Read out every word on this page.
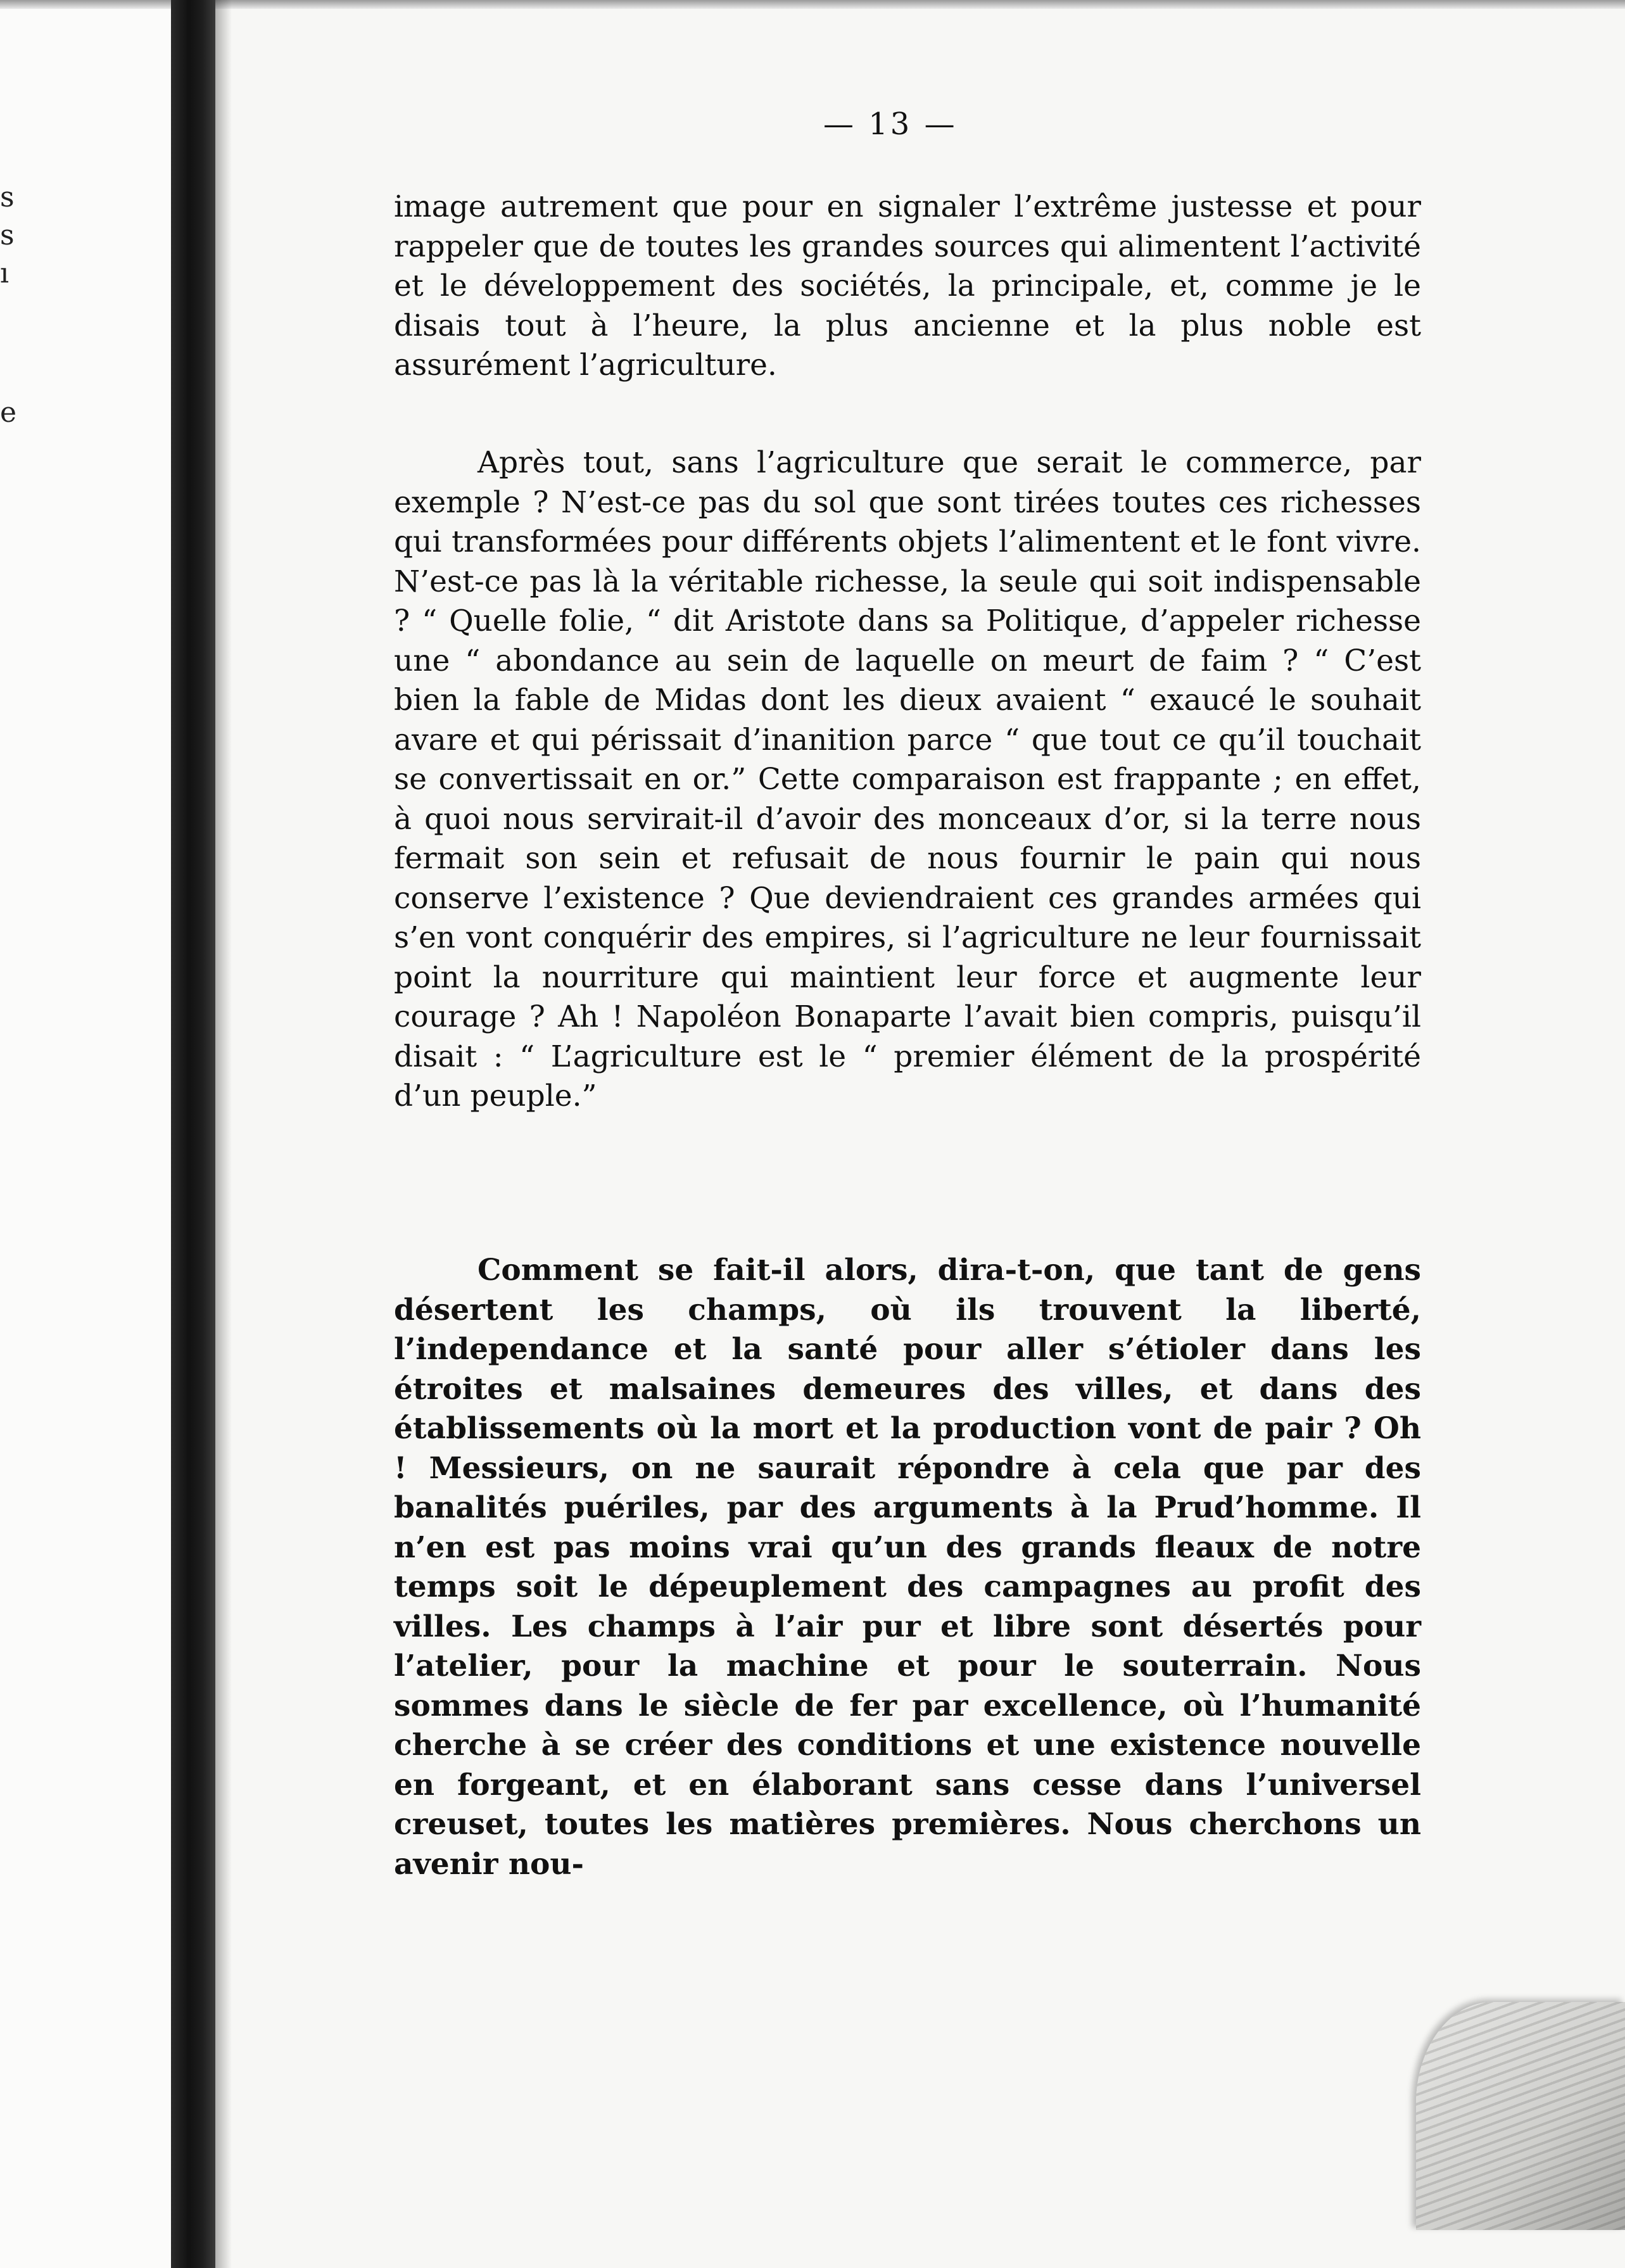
s
s
ı
e
— 13 —

image autrement que pour en signaler l’extrême justesse et pour rappeler que de toutes les grandes sources qui alimentent l’activité et le développement des sociétés, la principale, et, comme je le disais tout à l’heure, la plus ancienne et la plus noble est assurément l’agriculture.

Après tout, sans l’agriculture que serait le commerce, par exemple ? N’est-ce pas du sol que sont tirées toutes ces richesses qui transformées pour différents objets l’alimentent et le font vivre. N’est-ce pas là la véritable richesse, la seule qui soit indispensable ? “ Quelle folie, “ dit Aristote dans sa Politique, d’appeler richesse une “ abondance au sein de laquelle on meurt de faim ? “ C’est bien la fable de Midas dont les dieux avaient “ exaucé le souhait avare et qui périssait d’inanition parce “ que tout ce qu’il touchait se convertissait en or.” Cette comparaison est frappante ; en effet, à quoi nous servirait-il d’avoir des monceaux d’or, si la terre nous fermait son sein et refusait de nous fournir le pain qui nous conserve l’existence ? Que deviendraient ces grandes armées qui s’en vont conquérir des empires, si l’agriculture ne leur fournissait point la nourriture qui maintient leur force et augmente leur courage ? Ah ! Napoléon Bonaparte l’avait bien compris, puisqu’il disait : “ L’agriculture est le “ premier élément de la prospérité d’un peuple.”

Comment se fait-il alors, dira-t-on, que tant de gens désertent les champs, où ils trouvent la liberté, l’independance et la santé pour aller s’étioler dans les étroites et malsaines demeures des villes, et dans des établissements où la mort et la production vont de pair ? Oh ! Messieurs, on ne saurait répondre à cela que par des banalités puériles, par des arguments à la Prud’homme. Il n’en est pas moins vrai qu’un des grands fleaux de notre temps soit le dépeuplement des campagnes au profit des villes. Les champs à l’air pur et libre sont désertés pour l’atelier, pour la machine et pour le souterrain. Nous sommes dans le siècle de fer par excellence, où l’humanité cherche à se créer des conditions et une existence nouvelle en forgeant, et en élaborant sans cesse dans l’universel creuset, toutes les matières premières. Nous cherchons un avenir nou-
